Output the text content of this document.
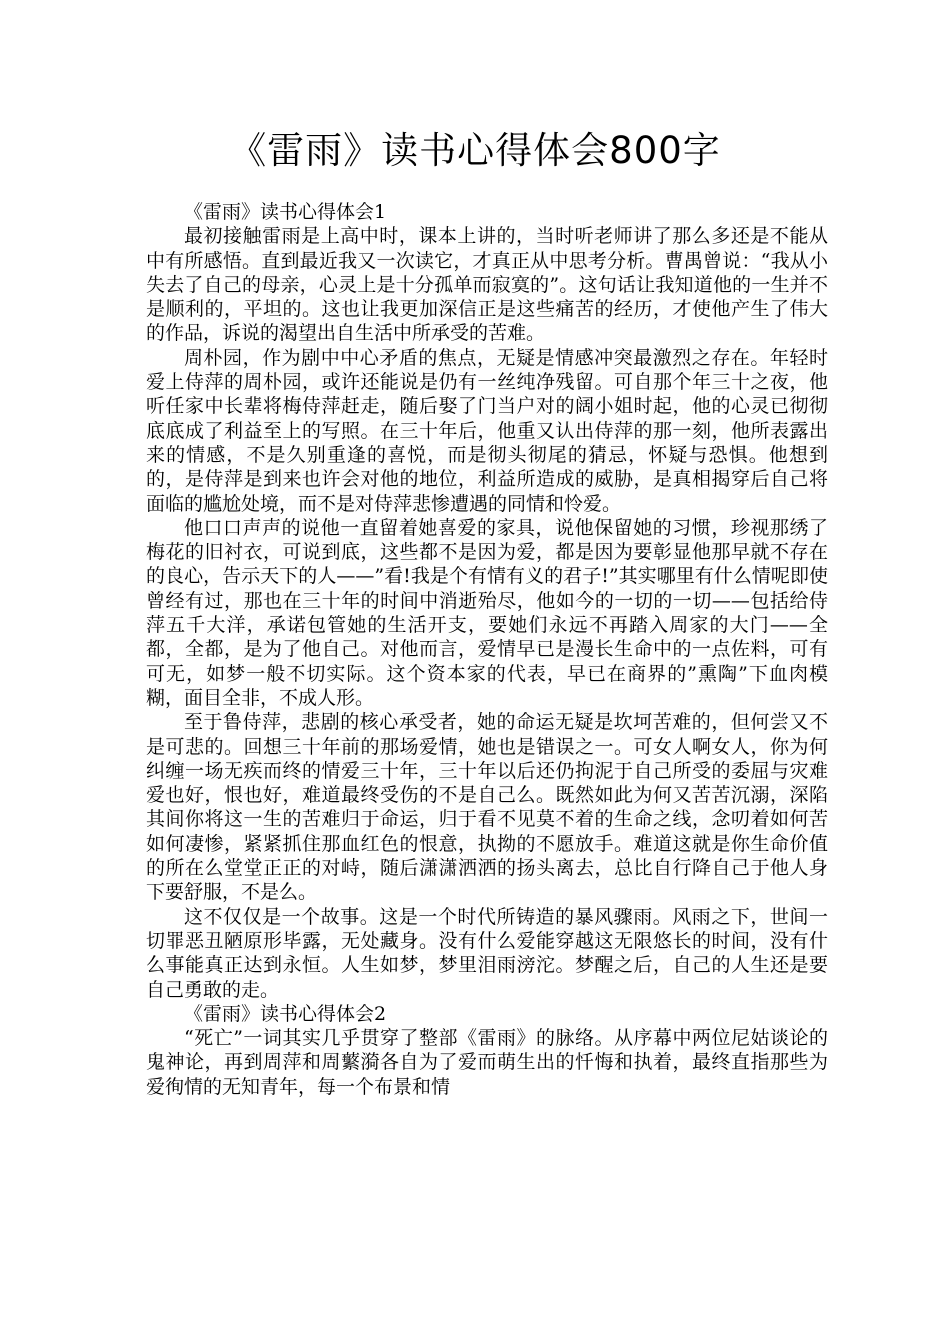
《雷雨》读书心得体会800字
《雷雨》读书心得体会1

最初接触雷雨是上高中时，课本上讲的，当时听老师讲了那么多还是不能从中有所感悟。直到最近我又一次读它，才真正从中思考分析。曹禺曾说：“我从小失去了自己的母亲，心灵上是十分孤单而寂寞的”。这句话让我知道他的一生并不是顺利的，平坦的。这也让我更加深信正是这些痛苦的经历，才使他产生了伟大的作品，诉说的渴望出自生活中所承受的苦难。

周朴园，作为剧中中心矛盾的焦点，无疑是情感冲突最激烈之存在。年轻时爱上侍萍的周朴园，或许还能说是仍有一丝纯净残留。可自那个年三十之夜，他听任家中长辈将梅侍萍赶走，随后娶了门当户对的阔小姐时起，他的心灵已彻彻底底成了利益至上的写照。在三十年后，他重又认出侍萍的那一刻，他所表露出来的情感，不是久别重逢的喜悦，而是彻头彻尾的猜忌，怀疑与恐惧。他想到的，是侍萍是到来也许会对他的地位，利益所造成的威胁，是真相揭穿后自己将面临的尴尬处境，而不是对侍萍悲惨遭遇的同情和怜爱。

他口口声声的说他一直留着她喜爱的家具，说他保留她的习惯，珍视那绣了梅花的旧衬衣，可说到底，这些都不是因为爱，都是因为要彰显他那早就不存在的良心，告示天下的人——”看!我是个有情有义的君子!”其实哪里有什么情呢即使曾经有过，那也在三十年的时间中消逝殆尽，他如今的一切的一切——包括给侍萍五千大洋，承诺包管她的生活开支，要她们永远不再踏入周家的大门——全都，全都，是为了他自己。对他而言，爱情早已是漫长生命中的一点佐料，可有可无，如梦一般不切实际。这个资本家的代表，早已在商界的”熏陶”下血肉模糊，面目全非，不成人形。

至于鲁侍萍，悲剧的核心承受者，她的命运无疑是坎坷苦难的，但何尝又不是可悲的。回想三十年前的那场爱情，她也是错误之一。可女人啊女人，你为何纠缠一场无疾而终的情爱三十年，三十年以后还仍拘泥于自己所受的委屈与灾难爱也好，恨也好，难道最终受伤的不是自己么。既然如此为何又苦苦沉溺，深陷其间你将这一生的苦难归于命运，归于看不见莫不着的生命之线，念叨着如何苦如何凄惨，紧紧抓住那血红色的恨意，执拗的不愿放手。难道这就是你生命价值的所在么堂堂正正的对峙，随后潇潇洒洒的扬头离去，总比自行降自己于他人身下要舒服，不是么。

这不仅仅是一个故事。这是一个时代所铸造的暴风骤雨。风雨之下，世间一切罪恶丑陋原形毕露，无处藏身。没有什么爱能穿越这无限悠长的时间，没有什么事能真正达到永恒。人生如梦，梦里泪雨滂沱。梦醒之后，自己的人生还是要自己勇敢的走。

《雷雨》读书心得体会2

“死亡”一词其实几乎贯穿了整部《雷雨》的脉络。从序幕中两位尼姑谈论的鬼神论，再到周萍和周蘩漪各自为了爱而萌生出的忏悔和执着，最终直指那些为爱徇情的无知青年，每一个布景和情
